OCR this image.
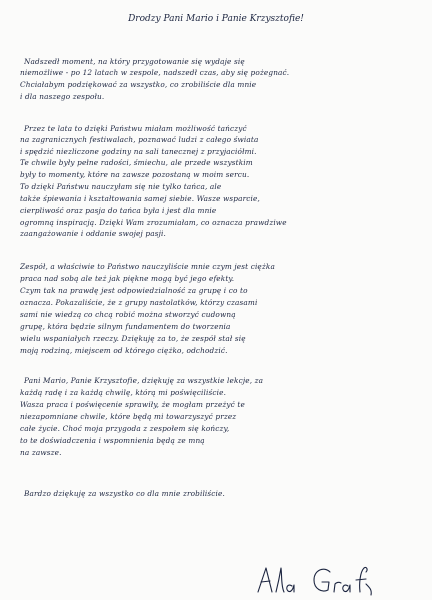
Drodzy Pani Mario i Panie Krzysztofie!
Nadszedł moment, na który przygotowanie się wydaje się
niemożliwe - po 12 latach w zespole, nadszedł czas, aby się pożegnać.
Chciałabym podziękować za wszystko, co zrobiliście dla mnie
i dla naszego zespołu.
Przez te lata to dzięki Państwu miałam możliwość tańczyć
na zagranicznych festiwalach, poznawać ludzi z całego świata
i spędzić niezliczone godziny na sali tanecznej z przyjaciółmi.
Te chwile były pełne radości, śmiechu, ale przede wszystkim
były to momenty, które na zawsze pozostaną w moim sercu.
To dzięki Państwu nauczyłam się nie tylko tańca, ale
także śpiewania i kształtowania samej siebie. Wasze wsparcie,
cierpliwość oraz pasja do tańca była i jest dla mnie
ogromną inspiracją. Dzięki Wam zrozumiałam, co oznacza prawdziwe
zaangażowanie i oddanie swojej pasji.
Zespół, a właściwie to Państwo nauczyliście mnie czym jest ciężka
praca nad sobą ale też jak piękne mogą być jego efekty.
Czym tak na prawdę jest odpowiedzialność za grupę i co to
oznacza. Pokazaliście, że z grupy nastolatków, którzy czasami
sami nie wiedzą co chcą robić można stworzyć cudowną
grupę, która będzie silnym fundamentem do tworzenia
wielu wspaniałych rzeczy. Dziękuję za to, że zespół stał się
moją rodziną, miejscem od którego ciężko, odchodzić.
Pani Mario, Panie Krzysztofie, dziękuję za wszystkie lekcje, za
każdą radę i za każdą chwilę, którą mi poświęciliście.
Wasza praca i poświęcenie sprawiły, że mogłam przeżyć te
niezapomniane chwile, które będą mi towarzyszyć przez
całe życie. Choć moja przygoda z zespołem się kończy,
to te doświadczenia i wspomnienia będą ze mną
na zawsze.
Bardzo dziękuję za wszystko co dla mnie zrobiliście.
